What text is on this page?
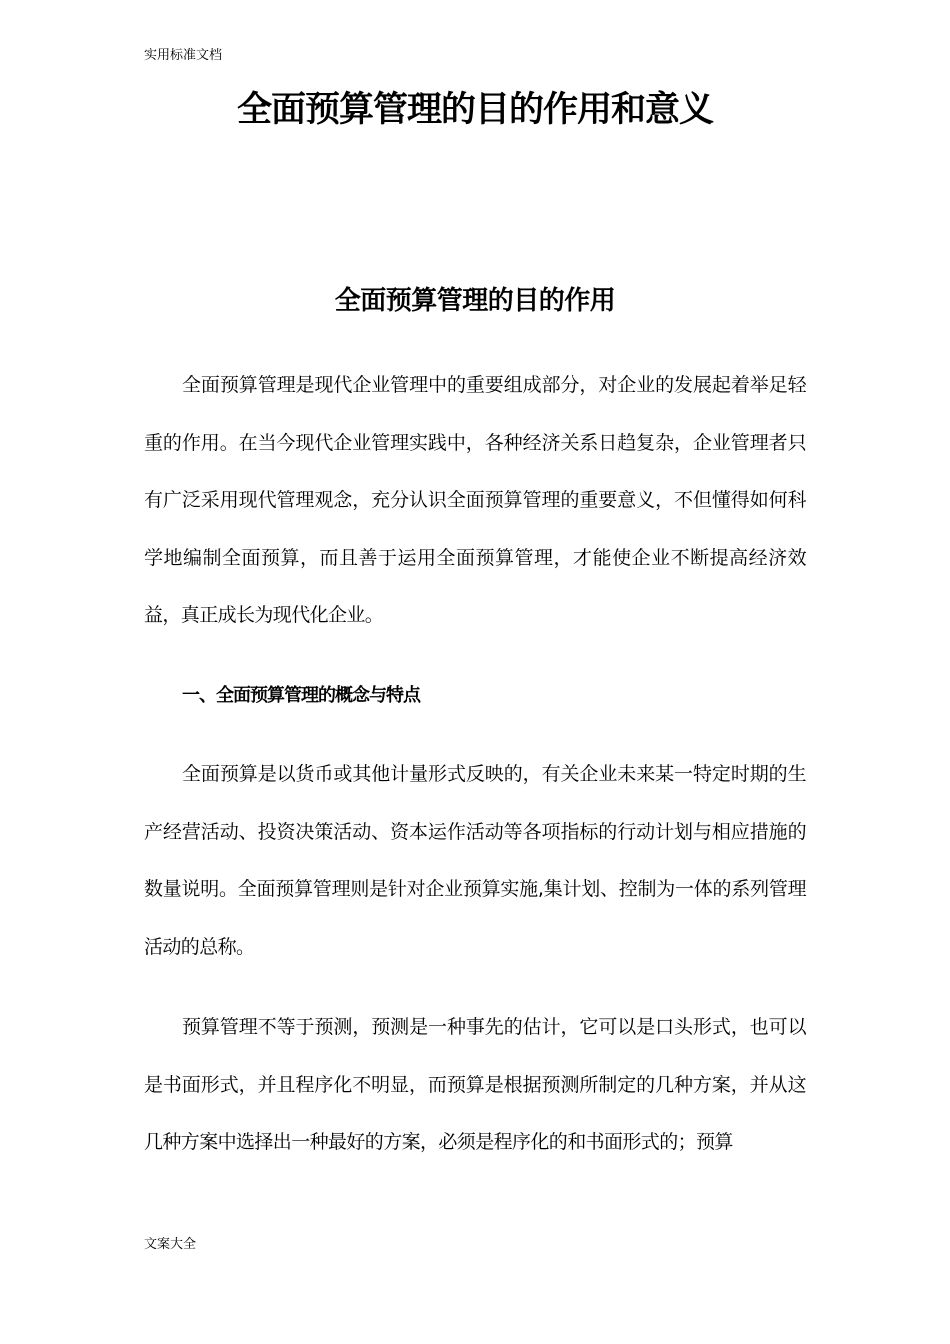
实用标准文档
全面预算管理的目的作用和意义
全面预算管理的目的作用

全面预算管理是现代企业管理中的重要组成部分，对企业的发展起着举足轻重的作用。在当今现代企业管理实践中，各种经济关系日趋复杂，企业管理者只有广泛采用现代管理观念，充分认识全面预算管理的重要意义，不但懂得如何科学地编制全面预算，而且善于运用全面预算管理，才能使企业不断提高经济效益，真正成长为现代化企业。

一、全面预算管理的概念与特点

全面预算是以货币或其他计量形式反映的，有关企业未来某一特定时期的生产经营活动、投资决策活动、资本运作活动等各项指标的行动计划与相应措施的数量说明。全面预算管理则是针对企业预算实施,集计划、控制为一体的系列管理活动的总称。

预算管理不等于预测，预测是一种事先的估计，它可以是口头形式，也可以是书面形式，并且程序化不明显，而预算是根据预测所制定的几种方案，并从这几种方案中选择出一种最好的方案，必须是程序化的和书面形式的；预算

文案大全
